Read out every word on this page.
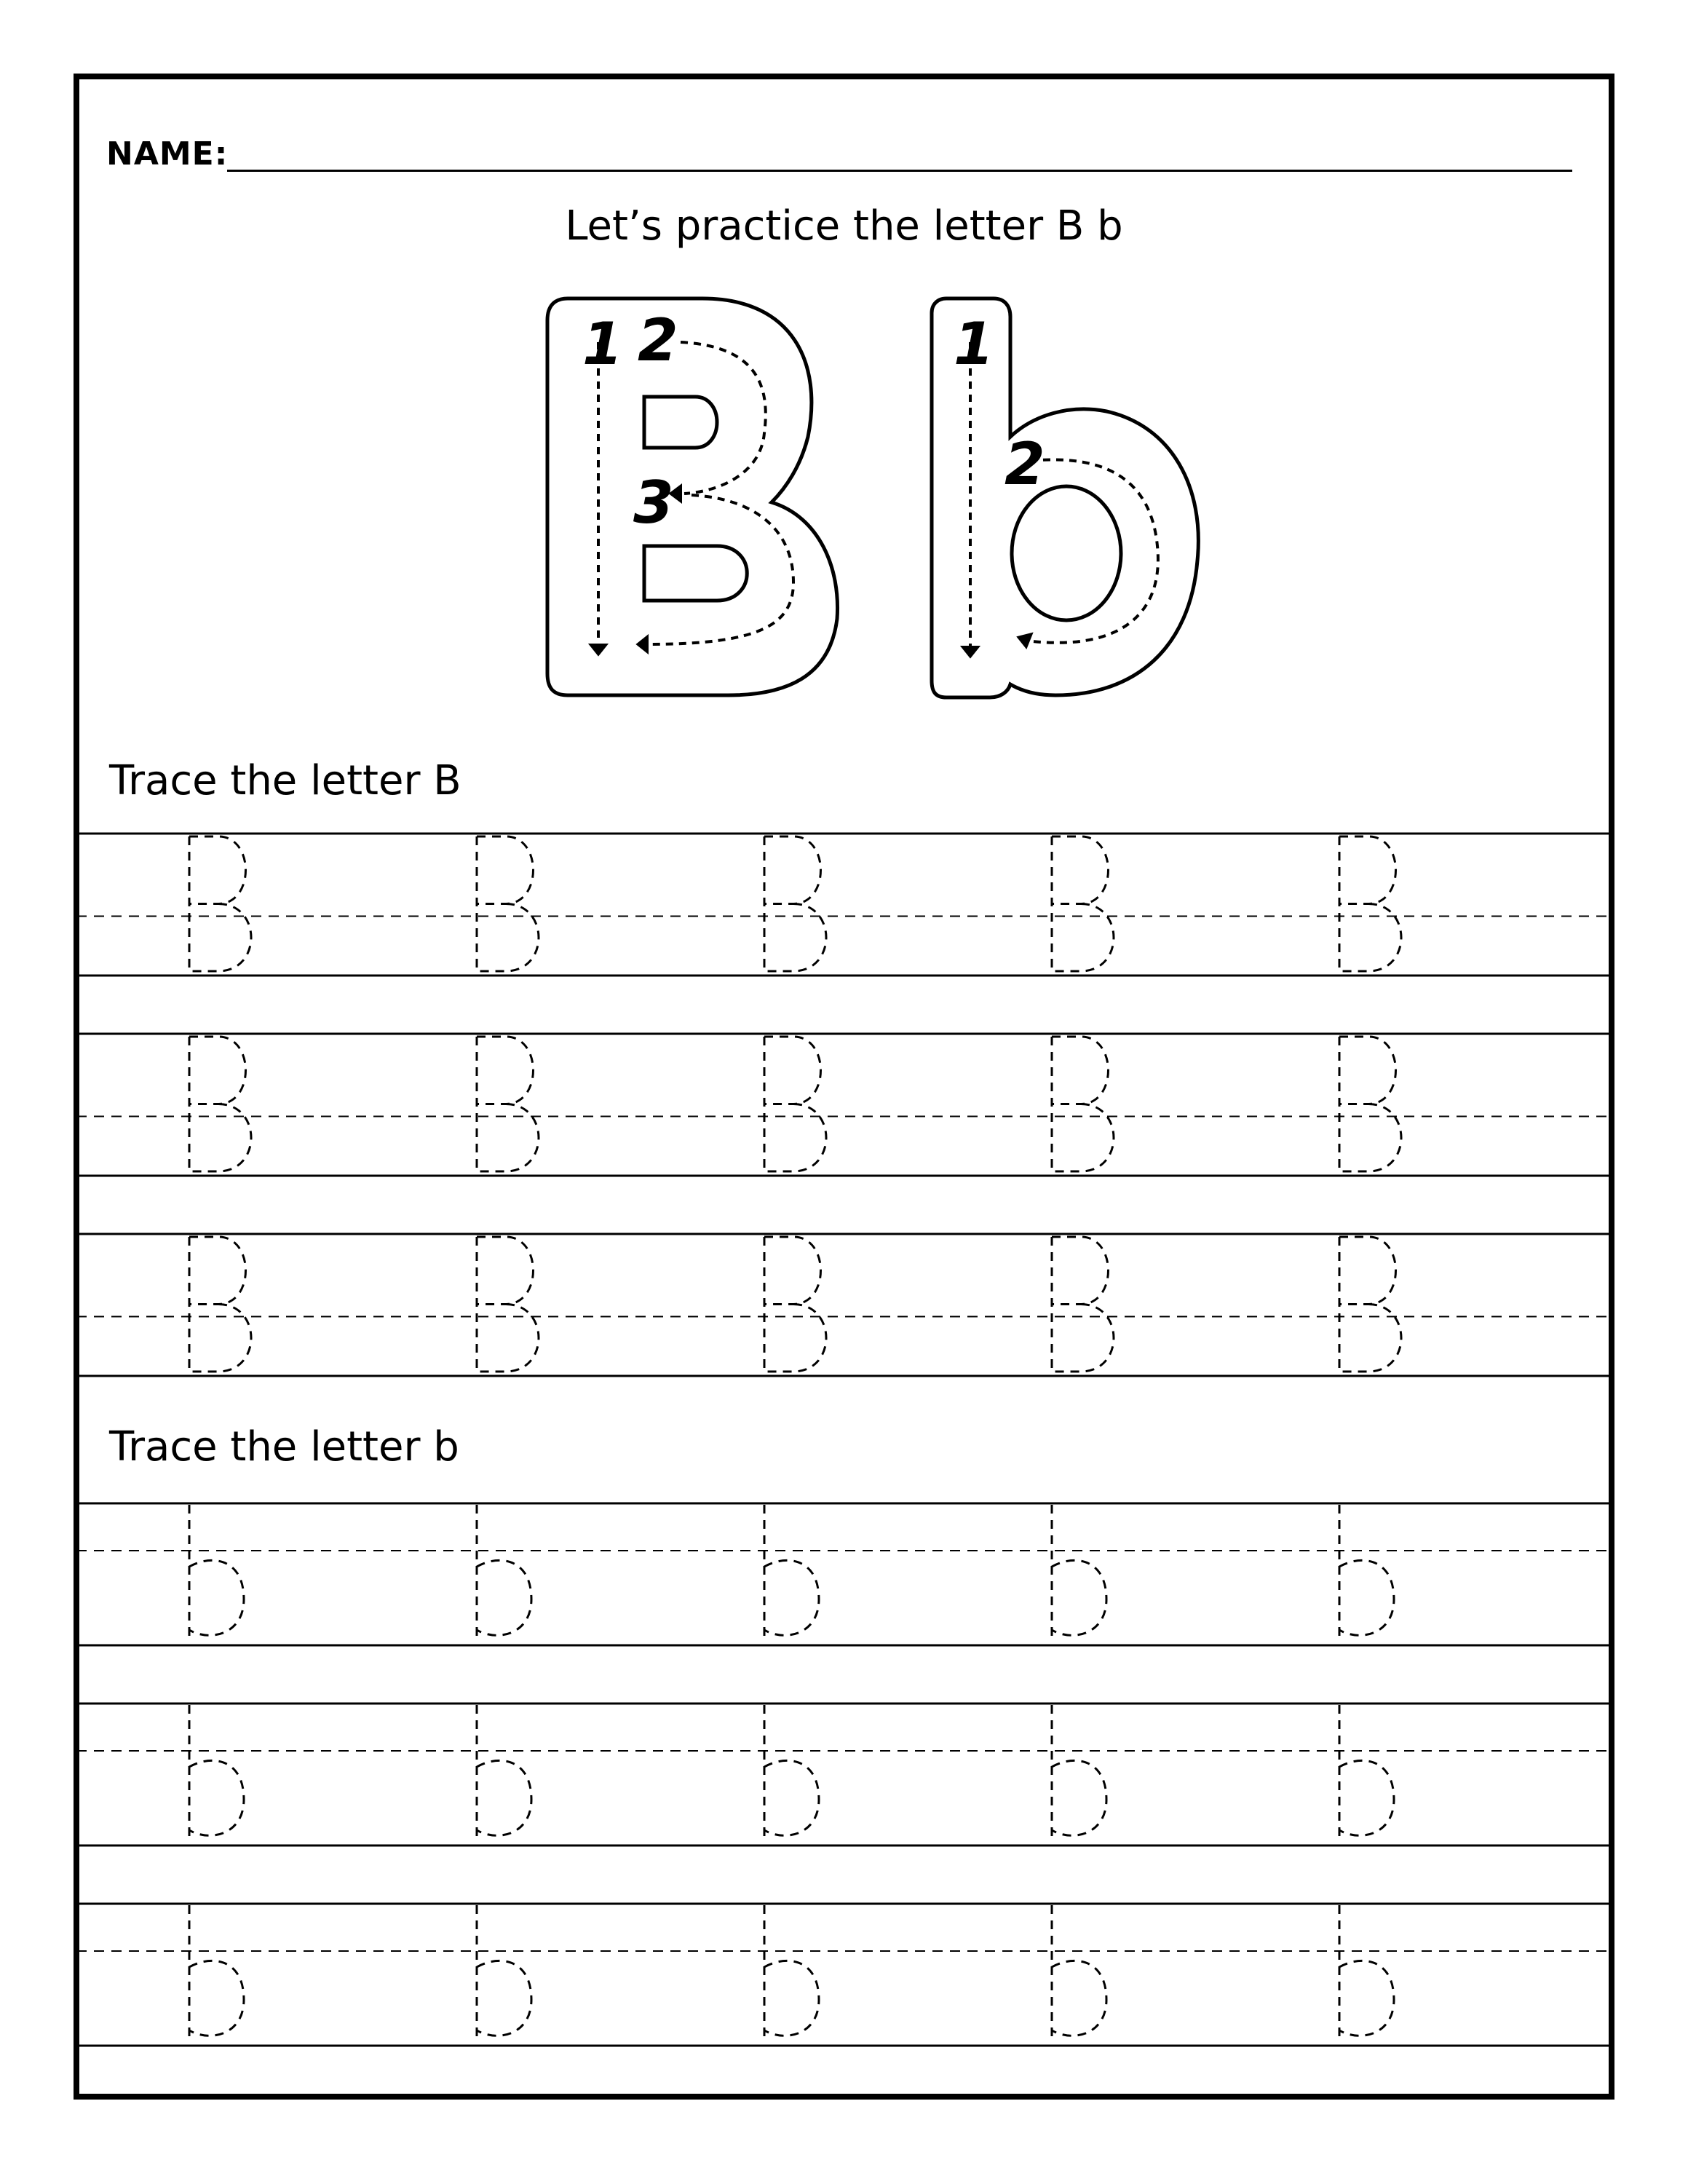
NAME:
Let’s practice the letter B b
1 2
3
1
2
Trace the letter B
Trace the letter b
